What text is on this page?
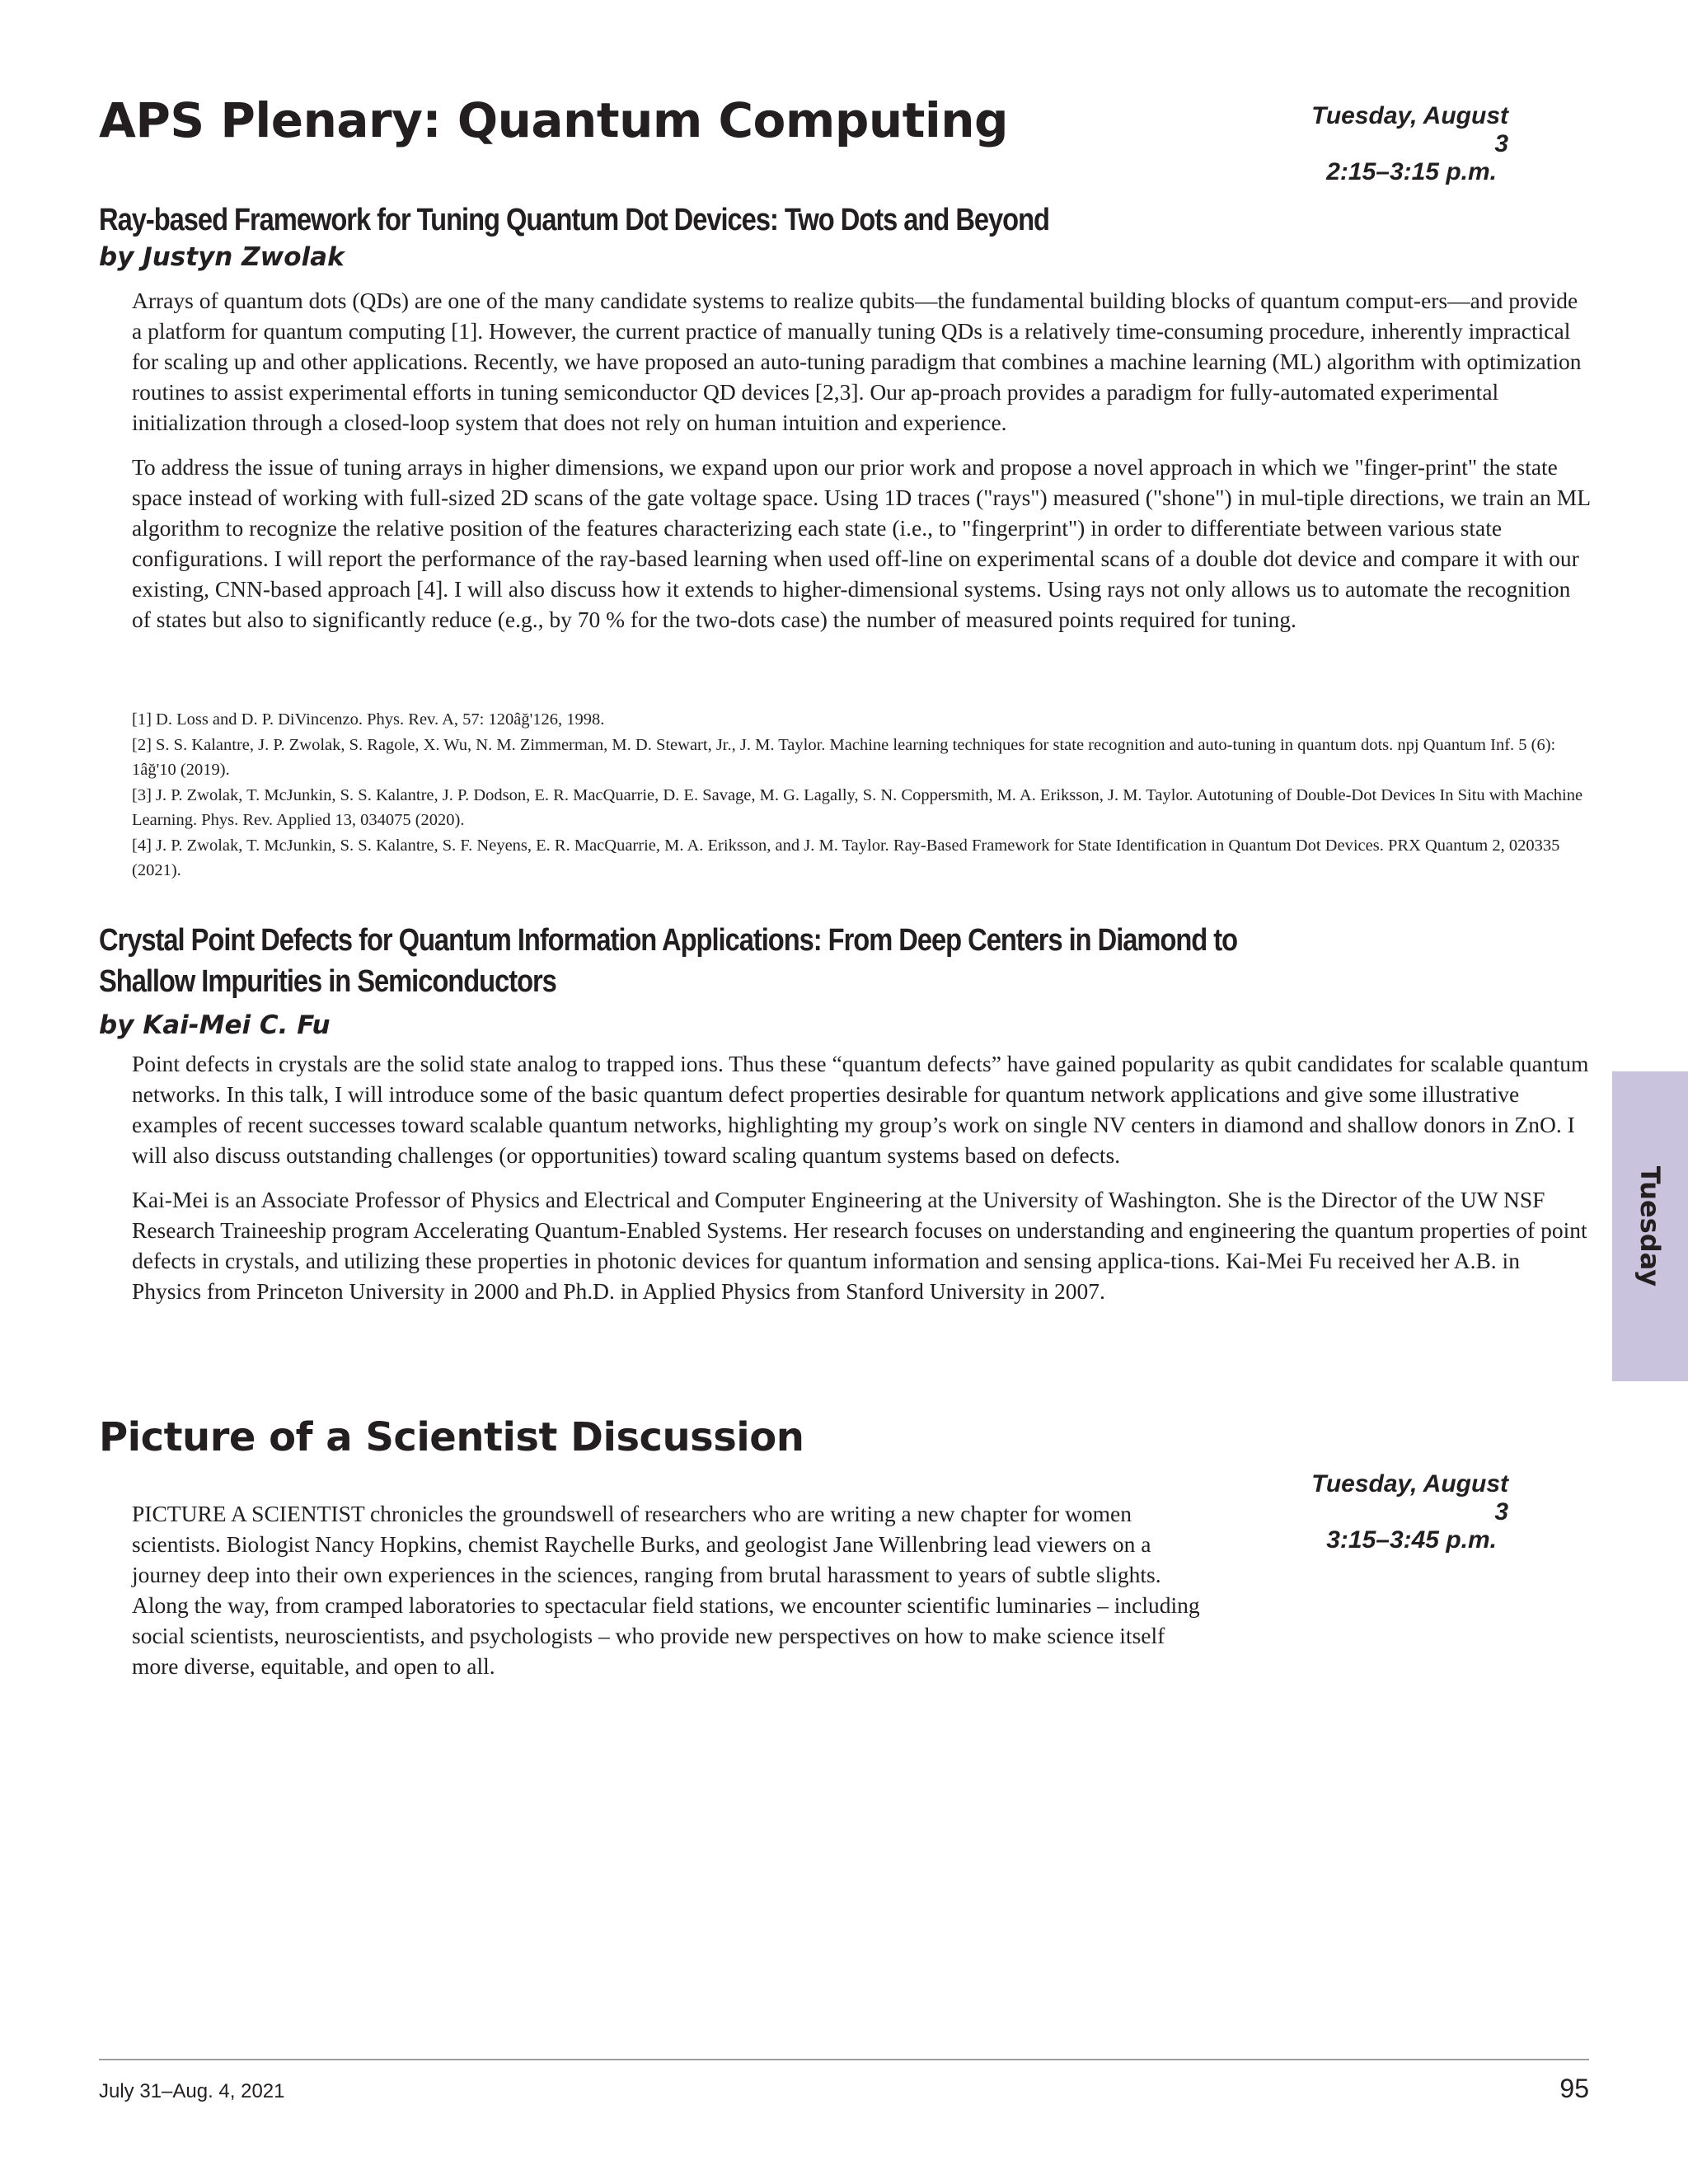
APS Plenary: Quantum Computing	Tuesday, August 3

2:15–3:15 p.m.
Ray-based Framework for Tuning Quantum Dot Devices: Two Dots and Beyond
by Justyn Zwolak

Arrays of quantum dots (QDs) are one of the many candidate systems to realize qubits—the fundamental building blocks of quantum comput-ers—and provide a platform for quantum computing [1]. However, the current practice of manually tuning QDs is a relatively time-consuming procedure, inherently impractical for scaling up and other applications. Recently, we have proposed an auto-tuning paradigm that combines a machine learning (ML) algorithm with optimization routines to assist experimental efforts in tuning semiconductor QD devices [2,3]. Our ap-proach provides a paradigm for fully-automated experimental initialization through a closed-loop system that does not rely on human intuition and experience.

To address the issue of tuning arrays in higher dimensions, we expand upon our prior work and propose a novel approach in which we "finger-print" the state space instead of working with full-sized 2D scans of the gate voltage space. Using 1D traces ("rays") measured ("shone") in mul-tiple directions, we train an ML algorithm to recognize the relative position of the features characterizing each state (i.e., to "fingerprint") in order to differentiate between various state configurations. I will report the performance of the ray-based learning when used off-line on experimental scans of a double dot device and compare it with our existing, CNN-based approach [4]. I will also discuss how it extends to higher-dimensional systems. Using rays not only allows us to automate the recognition of states but also to significantly reduce (e.g., by 70 % for the two-dots case) the number of measured points required for tuning.

[1] D. Loss and D. P. DiVincenzo. Phys. Rev. A, 57: 120âğ'126, 1998.
[2] S. S. Kalantre, J. P. Zwolak, S. Ragole, X. Wu, N. M. Zimmerman, M. D. Stewart, Jr., J. M. Taylor. Machine learning techniques for state recognition and auto-tuning in quantum dots. npj Quantum Inf. 5 (6): 1âğ'10 (2019).
[3] J. P. Zwolak, T. McJunkin, S. S. Kalantre, J. P. Dodson, E. R. MacQuarrie, D. E. Savage, M. G. Lagally, S. N. Coppersmith, M. A. Eriksson, J. M. Taylor. Autotuning of Double-Dot Devices In Situ with Machine Learning. Phys. Rev. Applied 13, 034075 (2020).
[4] J. P. Zwolak, T. McJunkin, S. S. Kalantre, S. F. Neyens, E. R. MacQuarrie, M. A. Eriksson, and J. M. Taylor. Ray-Based Framework for State Identification in Quantum Dot Devices. PRX Quantum 2, 020335 (2021).
Crystal Point Defects for Quantum Information Applications: From Deep Centers in Diamond to
Shallow Impurities in Semiconductors
by Kai-Mei C. Fu

Point defects in crystals are the solid state analog to trapped ions. Thus these “quantum defects” have gained popularity as qubit candidates for scalable quantum networks. In this talk, I will introduce some of the basic quantum defect properties desirable for quantum network applications and give some illustrative examples of recent successes toward scalable quantum networks, highlighting my group’s work on single NV centers in diamond and shallow donors in ZnO. I will also discuss outstanding challenges (or opportunities) toward scaling quantum systems based on defects.

Kai-Mei is an Associate Professor of Physics and Electrical and Computer Engineering at the University of Washington. She is the Director of the UW NSF Research Traineeship program Accelerating Quantum-Enabled Systems. Her research focuses on understanding and engineering the quantum properties of point defects in crystals, and utilizing these properties in photonic devices for quantum information and sensing applica-tions. Kai-Mei Fu received her A.B. in Physics from Princeton University in 2000 and Ph.D. in Applied Physics from Stanford University in 2007.

Picture of a Scientist Discussion
Tuesday, August 3

3:15–3:45 p.m.

PICTURE A SCIENTIST chronicles the groundswell of researchers who are writing a new chapter for women scientists. Biologist Nancy Hopkins, chemist Raychelle Burks, and geologist Jane Willenbring lead viewers on a journey deep into their own experiences in the sciences, ranging from brutal harassment to years of subtle slights. Along the way, from cramped laboratories to spectacular field stations, we encounter scientific luminaries – including social scientists, neuroscientists, and psychologists – who provide new perspectives on how to make science itself more diverse, equitable, and open to all.

Tuesday
July 31–Aug. 4, 2021	95
